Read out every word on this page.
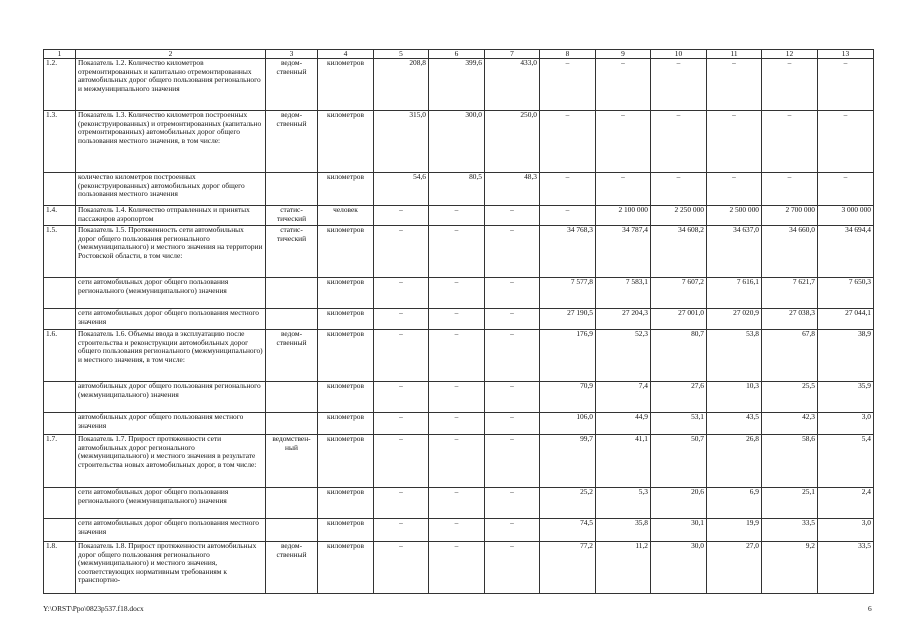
1	2	3	4	5	6	7	8	9	10	11	12	13
1.2.	Показатель 1.2. Количество километров отремонтированных и капитально отремонтированных автомобильных дорог общего пользования регионального и межмуниципального значения	ведом-ственный	километров	208,8	399,6	433,0	–	–	–	–	–	–
1.3.	Показатель 1.3. Количество километров построенных (реконструированных) и отремонтированных (капитально отремонтированных) автомобильных дорог общего пользования местного значения, в том числе:	ведом-ственный	километров	315,0	300,0	250,0	–	–	–	–	–	–
	количество километров построенных (реконструированных) автомобильных дорог общего пользования местного значения		километров	54,6	80,5	48,3	–	–	–	–	–	–
1.4.	Показатель 1.4. Количество отправленных и принятых пассажиров аэропортом	статис-тический	человек	–	–	–	–	2 100 000	2 250 000	2 500 000	2 700 000	3 000 000
1.5.	Показатель 1.5. Протяженность сети автомобильных дорог общего пользования регионального (межмуниципального) и местного значения на территории Ростовской области, в том числе:	статис-тический	километров	–	–	–	34 768,3	34 787,4	34 608,2	34 637,0	34 660,0	34 694,4
	сети автомобильных дорог общего пользования регионального (межмуниципального) значения		километров	–	–	–	7 577,8	7 583,1	7 607,2	7 616,1	7 621,7	7 650,3
	сети автомобильных дорог общего пользования местного значения		километров	–	–	–	27 190,5	27 204,3	27 001,0	27 020,9	27 038,3	27 044,1
1.6.	Показатель 1.6. Объемы ввода в эксплуатацию после строительства и реконструкции автомобильных дорог общего пользования регионального (межмуниципального) и местного значения, в том числе:	ведом-ственный	километров	–	–	–	176,9	52,3	80,7	53,8	67,8	38,9
	автомобильных дорог общего пользования регионального (межмуниципального) значения		километров	–	–	–	70,9	7,4	27,6	10,3	25,5	35,9
	автомобильных дорог общего пользования местного значения		километров	–	–	–	106,0	44,9	53,1	43,5	42,3	3,0
1.7.	Показатель 1.7. Прирост протяженности сети автомобильных дорог регионального (межмуниципального) и местного значения в результате строительства новых автомобильных дорог, в том числе:	ведомствен-ный	километров	–	–	–	99,7	41,1	50,7	26,8	58,6	5,4
	сети автомобильных дорог общего пользования регионального (межмуниципального) значения		километров	–	–	–	25,2	5,3	20,6	6,9	25,1	2,4
	сети автомобильных дорог общего пользования местного значения		километров	–	–	–	74,5	35,8	30,1	19,9	33,5	3,0
1.8.	Показатель 1.8. Прирост протяженности автомобильных дорог общего пользования регионального (межмуниципального) и местного значения, соответствующих нормативным требованиям к транспортно-	ведом-ственный	километров	–	–	–	77,2	11,2	30,0	27,0	9,2	33,5
Y:\ORST\Ppo\0823p537.f18.docx	6
